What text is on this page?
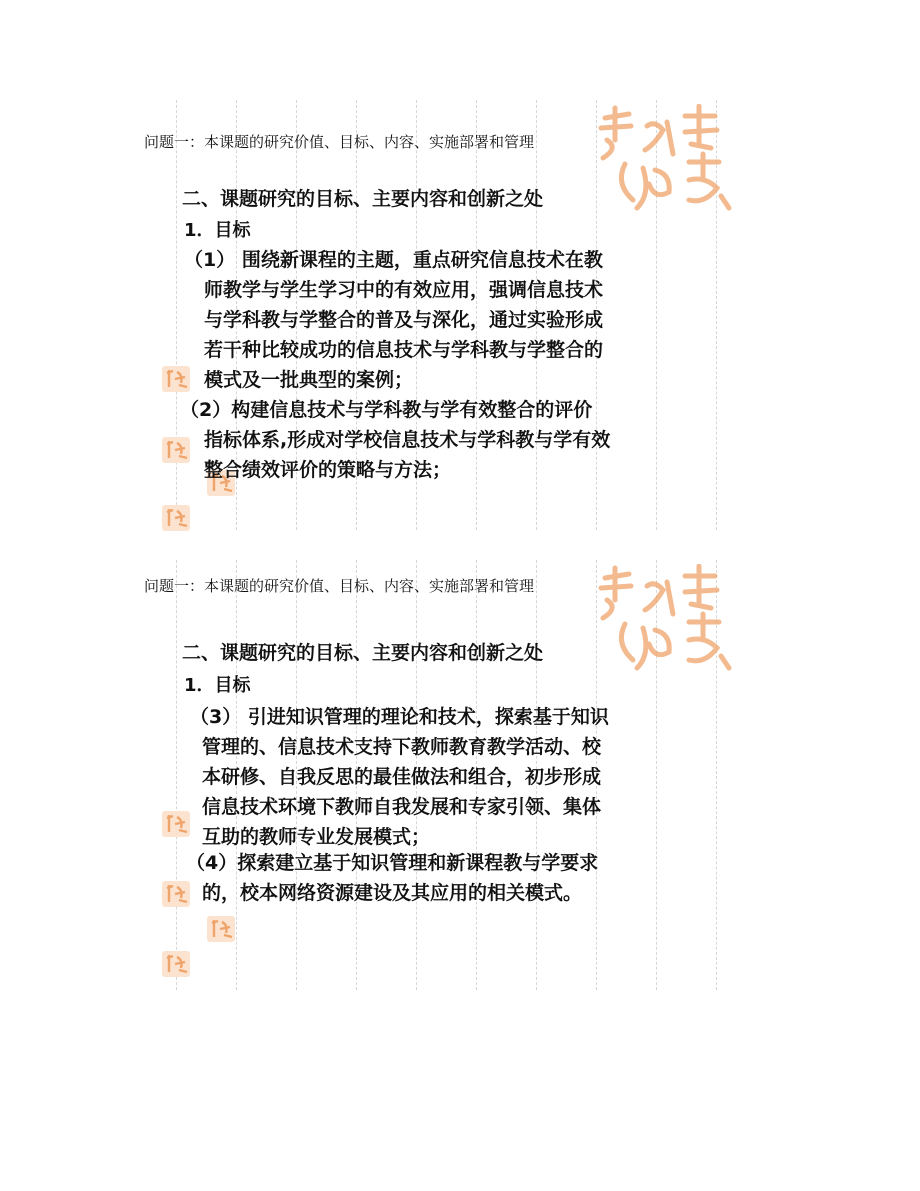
问题一：本课题的研究价值、目标、内容、实施部署和管理
二、课题研究的目标、主要内容和创新之处
1．目标
（1） 围绕新课程的主题，重点研究信息技术在教
师教学与学生学习中的有效应用，强调信息技术
与学科教与学整合的普及与深化，通过实验形成
若干种比较成功的信息技术与学科教与学整合的
模式及一批典型的案例；
（2）构建信息技术与学科教与学有效整合的评价
指标体系,形成对学校信息技术与学科教与学有效
整合绩效评价的策略与方法；
问题一：本课题的研究价值、目标、内容、实施部署和管理
二、课题研究的目标、主要内容和创新之处
1．目标
（3） 引进知识管理的理论和技术，探索基于知识
管理的、信息技术支持下教师教育教学活动、校
本研修、自我反思的最佳做法和组合，初步形成
信息技术环境下教师自我发展和专家引领、集体
互助的教师专业发展模式；
（4）探索建立基于知识管理和新课程教与学要求
的，校本网络资源建设及其应用的相关模式。
